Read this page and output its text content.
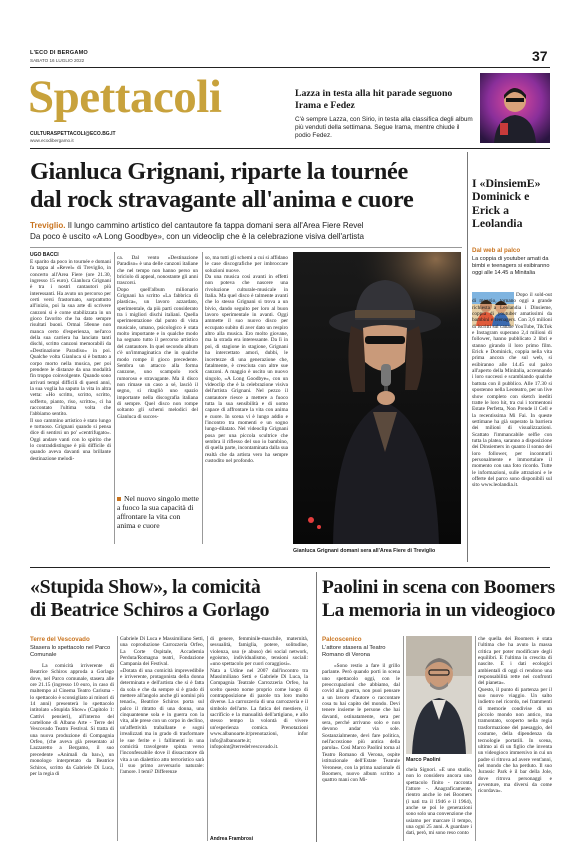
L'ECO DI BERGAMO
SABATO 16 LUGLIO 2022	37
Spettacoli
CULTURASPETTACOLI@ECO.BG.IT
www.ecodibergamo.it
Lazza in testa alla hit parade seguono Irama e Fedez
C'è sempre Lazza, con Sirio, in testa alla classifica degli album più venduti della settimana. Segue Irama, mentre chiude il podio Fedez.
Gianluca Grignani, riparte la tournée
dal rock stravagante all'anima e cuore
Treviglio. Il lungo cammino artistico del cantautore fa tappa domani sera all'Area Fiere Revel
Da poco è uscito «A Long Goodbye», con un videoclip che è la celebrazione visiva dell'artista
UGO BACCI
È sparito da poco in tournée e domani fa tappa al «Revel» di Treviglio, in concerto all'Area Fiere (ore 21.30, ingresso 15 euro). Gianluca Grignani è tra i nostri cantautori più interessanti. Ha avuto un percorso per certi versi frastornato, sorprattutto all'inizio, poi la sua arte di scrivere canzoni si è come stabilizzata in un gioco favorito che ha dato sempre risultati buoni. Ormai 50enne non manca certo d'esperienza, nel'arco della sua carriera ha lanciato tanti dischi, scritto canzoni memorabili da «Destinazione Paradiso» in poi. Qualche volta Gianluca si è buttato a corpo morto nella musica, per poi prendere le distanze da una modalità fin troppo coinvolgente. Quando sono arrivati tempi difficili di questi anni, la sua voglia ha saputo la vita in altra vetta: «Ho scritto, scritto, scritto, sofferto, pianto, riso, scritto», ci ha raccontato l'ultima volta che l'abbiamo sentito.
Il suo cammino artistico è stato lungo e tortuoso. Grignani quando si pensa dice di sentirsi un po' «centrifugato». Oggi andare vanti con lo spirito che lo contraddistingue è più difficile di quando aveva davanti una brillante destinazione melodi-
ca. Dal vento «Destinazione Paradiso» è una delle canzoni italiane che nel tempo non hanno perso un briciolo di appeal, nonostante gli anni trascorsi.
Dopo quell'album milionario Grignani ha scritto «La fabbrica di plastica», un lavoro azzardato, sperimentale, da più parti considerato tra i migliori dischi italiani. Quella sperimentazione dal punto di vista musicale, umano, psicologico è stata molto importante e in qualche modo ha segnato tutto il percorso artistico del cantautore. In quel secondo album c'è un'immaginatica che in qualche modo rompe il gioco precedente. Sembra un attacco alla forma canzone, uno scampolo rock rumoroso e stravagante. Ma il disco non rimase un caso a sé, lasciò il segno, si ritagliò uno spazio importante nella discografia italiana di sempre. Quel disco non rompe soltanto gli schemi melodici del Gianluca di succes-
Nel nuovo singolo mette a fuoco la sua capacità di affrontare la vita con anima e cuore
so, ma tutti gli schemi a cui si affidano le case discografiche per imbroccare soluzioni nuove.
Da una musica così avanti in effetti non poteva che nascere una rivoluzione culturale-musicale in Italia. Ma quel disco è talmente avanti che lo stesso Grignani si trova a un bivio, dando seguito per loro al buon lavoro sperimentale in avanti. Oggi ammette il suo nuovo disco per eccupato subito di aver dato un respiro altro alla musica. Ero molto giovane, ma la strada era interessante. Da lì in poi, di stagione in stagione, Grignani ha intercettato amori, dubbi, le incertezze di una generazione che, fatalmente, è cresciuta con altre sue canzoni. A maggio è uscito un nuovo singolo, «A Long Goodbye», con un videoclip che è la celebrazione visiva dell'artista Grignani. Nel pezzo il cantautore riesce a mettere a fuoco tutta la sua sensibilità e di uomo capace di affrontare la vita con anima e cuore. In scena vi è lungo addio e l'incontro tra momenti e un sogno lungo-dilatato. Nel videoclip Grignani posa per una piccola scultrice che sembra il riflesso del suo io bambino, di quella parte, incontaminata dalla sua realtà che da artista vero ha sempre custodito nel profondo.
Gianluca Grignani domani sera all'Area Fiere di Treviglio
I «DinsiemE» Dominick e Erick a Leolandia
Dal web al palco
La coppia di youtuber amati da bimbi e teenagers si esibiranno oggi alle 14.45 a Minitalia
Dopo il sold-out di maggio, tornano oggi a grande richiesta a Leolandia i Dinsieme, coppia di youtuber amatissimi da bambini e teenagers. Con 3,6 milioni di iscritti sul canale YouTube, TikTok e Instagram superano 2,4 milioni di follower, hanno pubblicato 2 libri e stanno girando il loro primo film. Erick e Dominick, coppia nella vita prima ancora che sul web, si esibiranno alle 14.45 sul palco all'aperto della Minitalia, accennando i loro successi e scambiando qualche battuta con il pubblico. Alle 17.30 si spostenno nella Leoteatro, per un live show completo con sketch inediti tratte le loro hit, tra cui i tormentoni Estate Perfetta, Non Prende il Cell e la recentissima Mi Fai. In queste settimane ha già superato la barriera dei milioni di visualizzazioni. Scattato l'immancabile selfie con tutta la platea, saranno a disposizione dei Dinsiemers in quanto il sonno dei loro follower, per incontrarli personalmente e immortalare il momento con una foto ricordo. Tutte le informazioni, sulle attrazioni e le offerte del parco sono disponibili sul sito www.leolandia.it.
«Stupida Show», la comicità
di Beatrice Schiros a Gorlago
Terre del Vescovado
Stasera lo spettacolo nel Parco Comunale
La comicità irriverente di Beatrice Schiros approda a Gorlago dove, nel Parco comunale, stasera alle ore 21.15 (ingresso 10 euro, in caso di maltempo al Cinema Teatro Carisma - lo spettacolo è sconsigliato ai minori di 14 anni) presenterà lo spettacolo intitolato «Stupida Show» (Capitolo 1: Cattivi pensieri), all'interno del cartellone di Albano Arte - Terre del Vescovado Teatro Festival. Si tratta di una nuova produzione di Compagnia Orfeo, (che aveva già presentato al Lazzaretto a Bergamo, il suo precedente «Animali da bar»), un monologo interpretato da Beatrice Schiros, scritto da Gabriele Di Luca, per la regia di
Gabriele Di Luca e Massimiliano Setti, una coproduzione Carrozzeria Orfeo, La Corte Ospitale, Accademia Perduta/Romagna teatri, Fondazione Campania dei Festival.
«Dotata di una comicità imprevedibile e irriverente, protagonista della donna determinata e dell'artista che si è fatta da sola e che da sempre si è grado di mettere all'angolo anche gli uomini più tenaci», Beatrice Schiros porta sul palco il ritratto di una donna, una cinquantenne sola e in guerra con la vita, alle prese con un corpo in declino, un'affettività traballante e sogni irrealizzati ma in grado di trasformare le sue ferite e i fallimenti in una comicità travolgente spinta verso l'inconfessabile dove il dissacratore dà vita a un dialettico atto terroristico sarà il suo primo avversario naturale: l'amore. I temi? Differenze
di genere, femminile-maschile, maternità, sessualità, famiglia, potere, solitudine, violenza, uso (e abuso) dei social network, egoismo, individualismo, tensioni sociali: «uno spettacolo per cuori coraggiosi».
Nata a Udine nel 2007 dall'incontro tra Massimiliano Setti e Gabriele Di Luca, la Compagnia Teatrale Carrozzeria Orfeo, ha scelto questo nome proprio come luogo di contrapposizione di parole tra loro molto diverse. La carrozzeria di una carrozzeria e il simbolo dell'arte. La fatica del mestiere, il sacrificio e la manualità dell'artigiano, e allo stesso tempo la volontà di vivere un'esperienza comica. Prenotazioni www.albanoarte.it/prenotazioni, infor info@albanoarte.it; infopoint@terredelvescovado.it.
Andrea Frambrosi
Paolini in scena con Boomers
La memoria in un videogioco
Palcoscenico
L'attore stasera al Teatro Romano di Verona
«Sono restio a fare il grillo parlante. Però quando porti in scena uno spettacolo oggi, con le preoccupazioni che abbiamo, dal covid alla guerra, non puoi pensare a un lavoro d'autore o raccontare cosa tu hai capito del mondo. Devi tenere insieme le persone che hai davanti, ostinatamente, sera per sera, perché arrivano solo e non devono andar via sole. Sostanzialmente, devi fare politica, nell'accezione più antica della parola». Così Marco Paolini torna al Teatro Romano di Verona, ospite istituzionale dell'Estate Teatrale Veronese, con la prima nazionale di Boomers, nuovo album scritto a quattro mani con Mi-
Marco Paolini
chela Signori. «È uno studio, non lo considero ancora uno spettacolo finito - racconta l'attore -. Anagraficamente, rientro anche io nei Boomers (i nati tra il 1946 e il 1964), anche se poi le generazioni sono solo una convenzione che usiamo per marcare il tempo, una ogni 25 anni. A guardare i dati, però, mi sono reso conto
che quella dei Boomers è stata l'ultima che ha avuto la massa critica per poter modificare degli equilibri. E l'ultima in crescita di nascite. E i dati ecologici ambientali di oggi ci rendono una responsabilità rette nei confronti del pianeta».
Questo, il punto di partenza per il suo nuovo viaggio. Un salto indietro nel ricordo, nei frammenti di memorie condivise di un piccolo mondo non antico, ma tramontato, scoperto nella regia trasformazione del paesaggio, del costume, della dipendenza da tecnologie portatili. In scena, ultimo ai di un figlio che inventa un videogioco immersivo in cui un padre si ritrova ad avere vent'anni, nel mondo che ha perduto. Il suo Jurassic Park è il bar della Jole, dove ritrova personaggi e avventure, ma diversi da come ricordava».
